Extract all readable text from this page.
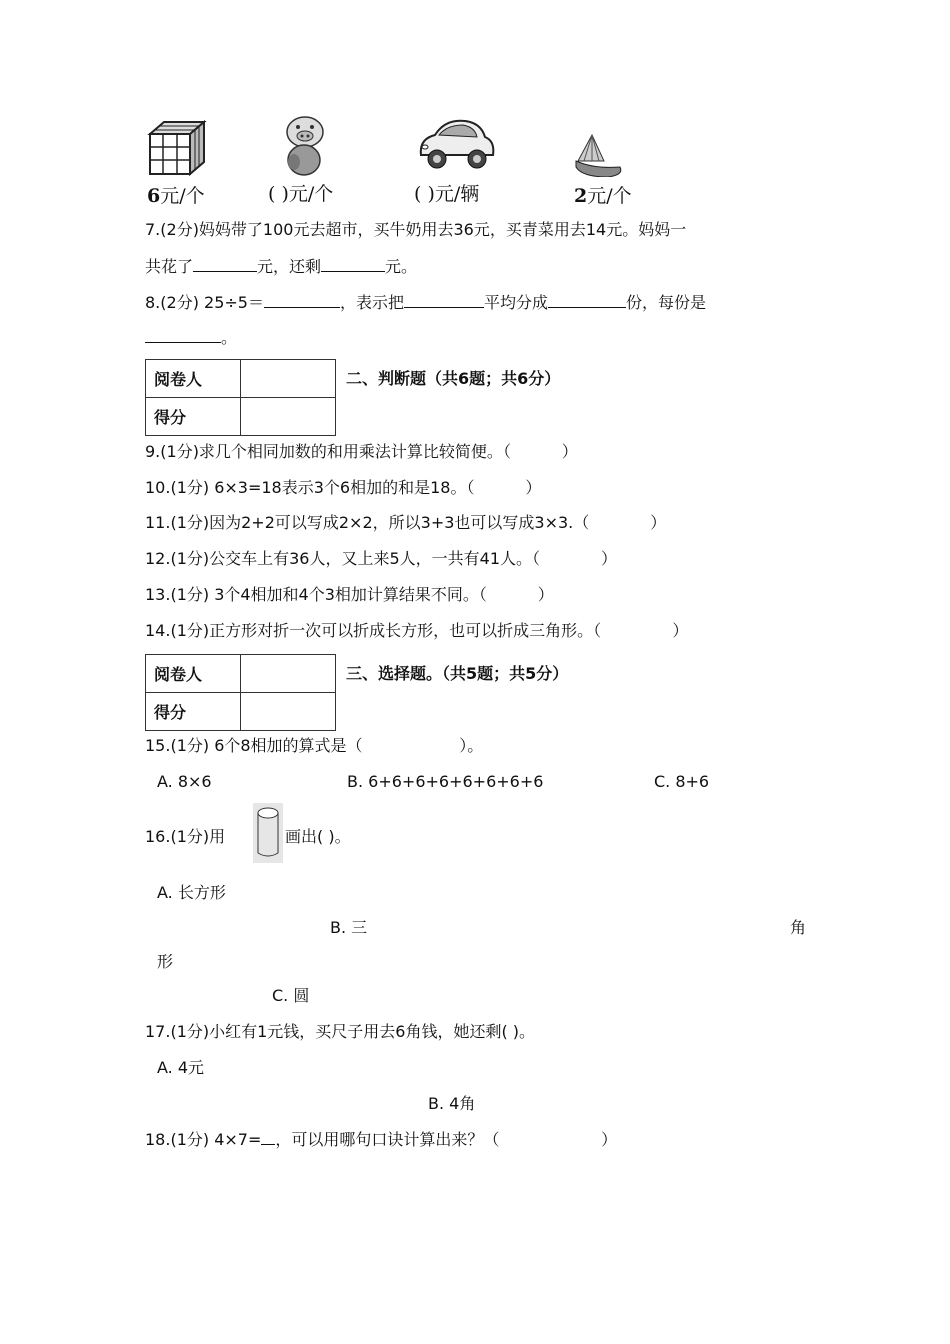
6元/个	( )元/个	( )元/辆	2元/个
7.(2分)妈妈带了100元去超市，买牛奶用去36元，买青菜用去14元。妈妈一
共花了	元，还剩	元。
8.(2分) 25÷5＝	，表示把	平均分成	份，每份是
。
阅卷人	
得分	
二、判断题（共6题；共6分）
9.(1分)求几个相同加数的和用乘法计算比较简便。（          ）
10.(1分) 6×3=18表示3个6相加的和是18。（          ）
11.(1分)因为2+2可以写成2×2，所以3+3也可以写成3×3.（            ）
12.(1分)公交车上有36人，又上来5人，一共有41人。（            ）
13.(1分) 3个4相加和4个3相加计算结果不同。（          ）
14.(1分)正方形对折一次可以折成长方形，也可以折成三角形。（              ）
阅卷人	
得分	
三、选择题。（共5题；共5分）
15.(1分) 6个8相加的算式是（                   ）。
A. 8×6	B. 6+6+6+6+6+6+6+6	C. 8+6
16.(1分)用	画出( )。
A. 长方形
B. 三	角
形
C. 圆
17.(1分)小红有1元钱，买尺子用去6角钱，她还剩( )。
A. 4元
B. 4角
18.(1分) 4×7= ，可以用哪句口诀计算出来？（                    ）
